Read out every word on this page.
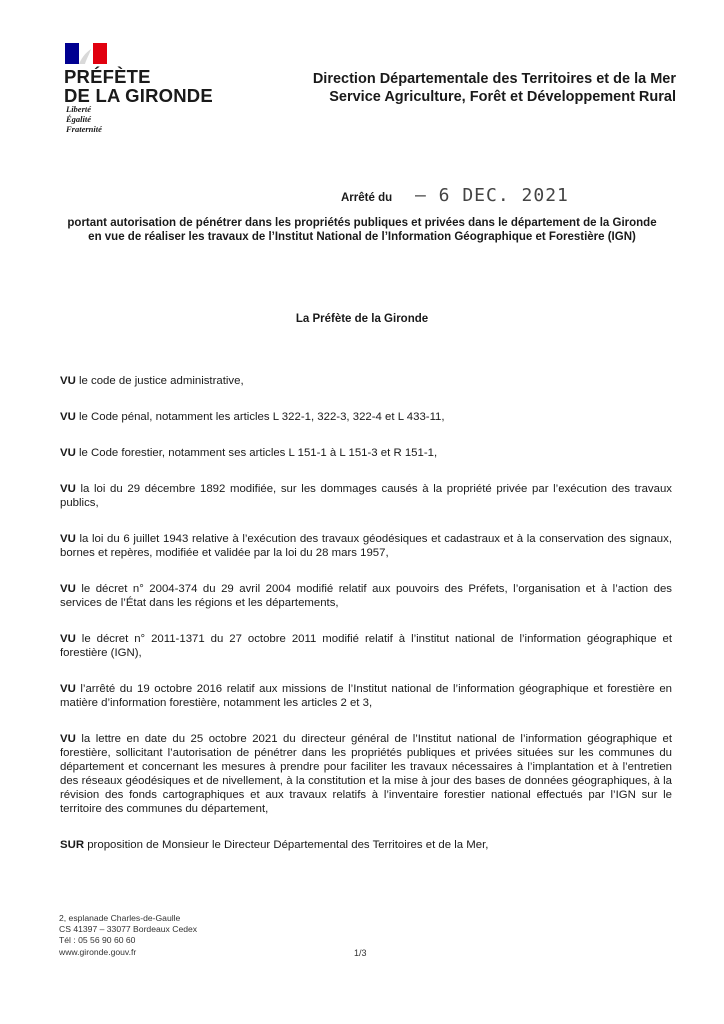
PRÉFÈTE
DE LA GIRONDE
Liberté
Égalité
Fraternité
Direction Départementale des Territoires et de la Mer
Service Agriculture, Forêt et Développement Rural
Arrêté du – 6 DEC. 2021
portant autorisation de pénétrer dans les propriétés publiques et privées dans le département de la Gironde en vue de réaliser les travaux de l’Institut National de l’Information Géographique et Forestière (IGN)
La Préfète de la Gironde

VU le code de justice administrative,

VU le Code pénal, notamment les articles L 322-1, 322-3, 322-4 et L 433-11,

VU le Code forestier, notamment ses articles L 151-1 à L 151-3 et R 151-1,

VU la loi du 29 décembre 1892 modifiée, sur les dommages causés à la propriété privée par l’exécution des travaux publics,

VU la loi du 6 juillet 1943 relative à l’exécution des travaux géodésiques et cadastraux et à la conservation des signaux, bornes et repères, modifiée et validée par la loi du 28 mars 1957,

VU le décret n° 2004-374 du 29 avril 2004 modifié relatif aux pouvoirs des Préfets, l’organisation et à l’action des services de l’État dans les régions et les départements,

VU le décret n° 2011-1371 du 27 octobre 2011 modifié relatif à l’institut national de l’information géographique et forestière (IGN),

VU l’arrêté du 19 octobre 2016 relatif aux missions de l’Institut national de l’information géographique et forestière en matière d’information forestière, notamment les articles 2 et 3,

VU la lettre en date du 25 octobre 2021 du directeur général de l’Institut national de l’information géographique et forestière, sollicitant l’autorisation de pénétrer dans les propriétés publiques et privées situées sur les communes du département et concernant les mesures à prendre pour faciliter les travaux nécessaires à l’implantation et à l’entretien des réseaux géodésiques et de nivellement, à la constitution et la mise à jour des bases de données géographiques, à la révision des fonds cartographiques et aux travaux relatifs à l’inventaire forestier national effectués par l’IGN sur le territoire des communes du département,

SUR proposition de Monsieur le Directeur Départemental des Territoires et de la Mer,

2, esplanade Charles-de-Gaulle
CS 41397 – 33077 Bordeaux Cedex
Tél : 05 56 90 60 60
www.gironde.gouv.fr	1/3
